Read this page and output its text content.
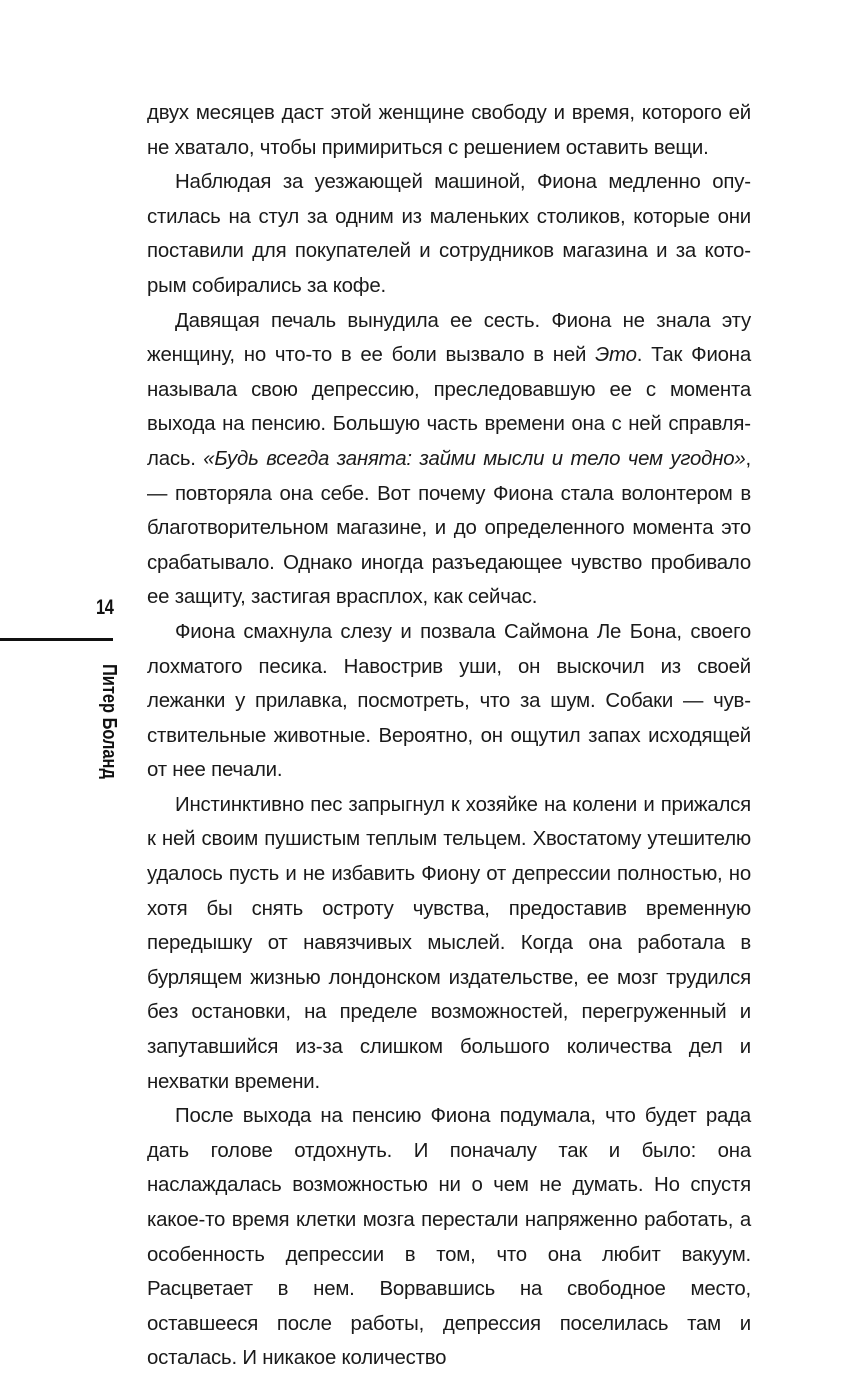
14
Питер Боланд

двух месяцев даст этой женщине свободу и время, которого ей не хватало, чтобы примириться с решением оставить вещи.

Наблюдая за уезжающей машиной, Фиона медленно опустилась на стул за одним из маленьких столиков, которые они поставили для покупателей и сотрудников магазина и за которым собирались за кофе.

Давящая печаль вынудила ее сесть. Фиона не знала эту женщину, но что-то в ее боли вызвало в ней Это. Так Фиона называла свою депрессию, преследовавшую ее с момента выхода на пенсию. Большую часть времени она с ней справлялась. «Будь всегда занята: займи мысли и тело чем угодно», — повторяла она себе. Вот почему Фиона стала волонтером в благотворительном магазине, и до определенного момента это срабатывало. Однако иногда разъедающее чувство пробивало ее защиту, застигая врасплох, как сейчас.

Фиона смахнула слезу и позвала Саймона Ле Бона, своего лохматого песика. Навострив уши, он выскочил из своей лежанки у прилавка, посмотреть, что за шум. Собаки — чувствительные животные. Вероятно, он ощутил запах исходящей от нее печали.

Инстинктивно пес запрыгнул к хозяйке на колени и прижался к ней своим пушистым теплым тельцем. Хвостатому утешителю удалось пусть и не избавить Фиону от депрессии полностью, но хотя бы снять остроту чувства, предоставив временную передышку от навязчивых мыслей. Когда она работала в бурлящем жизнью лондонском издательстве, ее мозг трудился без остановки, на пределе возможностей, перегруженный и запутавшийся из-за слишком большого количества дел и нехватки времени.

После выхода на пенсию Фиона подумала, что будет рада дать голове отдохнуть. И поначалу так и было: она наслаждалась возможностью ни о чем не думать. Но спустя какое-то время клетки мозга перестали напряженно работать, а особенность депрессии в том, что она любит вакуум. Расцветает в нем. Ворвавшись на свободное место, оставшееся после работы, депрессия поселилась там и осталась. И никакое количество
